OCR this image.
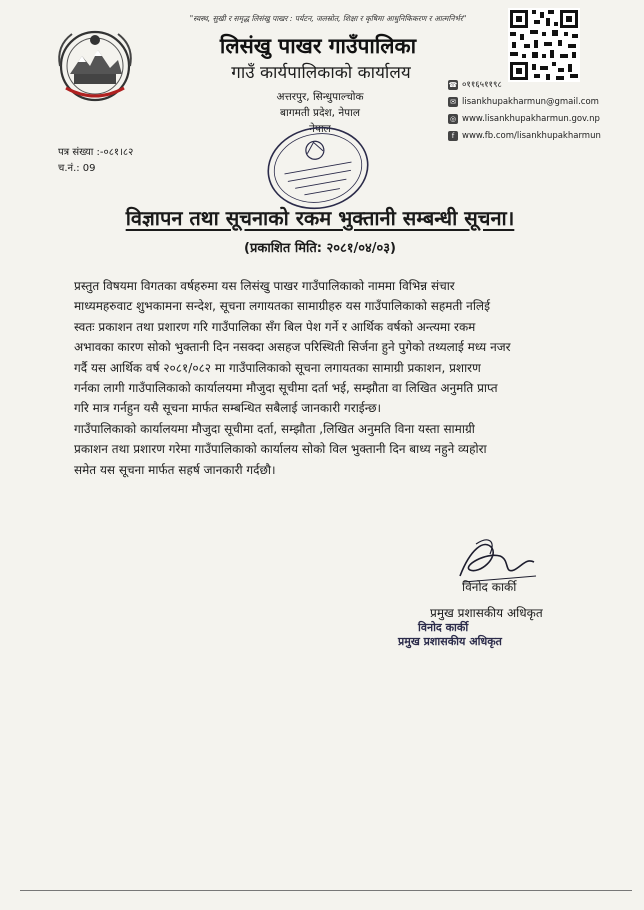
"स्वस्थ, सुखी र समृद्ध लिसंखु पाखर : पर्यटन, जलस्रोत, शिक्षा र कृषिमा आधुनिकिकरण र आत्मनिर्भर"
लिसंखु पाखर गाउँपालिका
गाउँ कार्यपालिकाको कार्यालय
अत्तरपुर, सिन्धुपाल्चोक
बागमती प्रदेश, नेपाल
नेपाल
☎ ०११६५११९८
✉ lisankhupakharmun@gmail.com
◎ www.lisankhupakharmun.gov.np
f www.fb.com/lisankhupakharmun
पत्र संख्या :-०८१।८२
च.नं.: 09
विज्ञापन तथा सूचनाको रकम भुक्तानी सम्बन्धी सूचना।
(प्रकाशित मिति: २०८१/०४/०३)
प्रस्तुत विषयमा विगतका वर्षहरुमा यस लिसंखु पाखर गाउँपालिकाको नाममा विभिन्न संचार
माध्यमहरुवाट शुभकामना सन्देश, सूचना लगायतका सामाग्रीहरु यस गाउँपालिकाको सहमती नलिई
स्वतः प्रकाशन तथा प्रशारण गरि गाउँपालिका सँग बिल पेश गर्ने र आर्थिक वर्षको अन्त्यमा रकम
अभावका कारण सोको भुक्तानी दिन नसक्दा असहज परिस्थिती सिर्जना हुने पुगेको तथ्यलाई मध्य नजर
गर्दै यस आर्थिक वर्ष २०८१/०८२ मा गाउँपालिकाको सूचना लगायतका सामाग्री प्रकाशन, प्रशारण
गर्नका लागी गाउँपालिकाको कार्यालयमा मौजुदा सूचीमा दर्ता भई, सम्झौता वा लिखित अनुमति प्राप्त
गरि मात्र गर्नहुन यसै सूचना मार्फत सम्बन्धित सबैलाई जानकारी गराईन्छ।
गाउँपालिकाको कार्यालयमा मौजुदा सूचीमा दर्ता, सम्झौता ,लिखित अनुमति विना यस्ता सामाग्री
प्रकाशन तथा प्रशारण गरेमा गाउँपालिकाको कार्यालय सोको विल भुक्तानी दिन बाध्य नहुने व्यहोरा
समेत यस सूचना मार्फत सहर्ष जानकारी गर्दछौ।
विनोद कार्की
प्रमुख प्रशासकीय अधिकृत
विनोद कार्की
प्रमुख प्रशासकीय अधिकृत
